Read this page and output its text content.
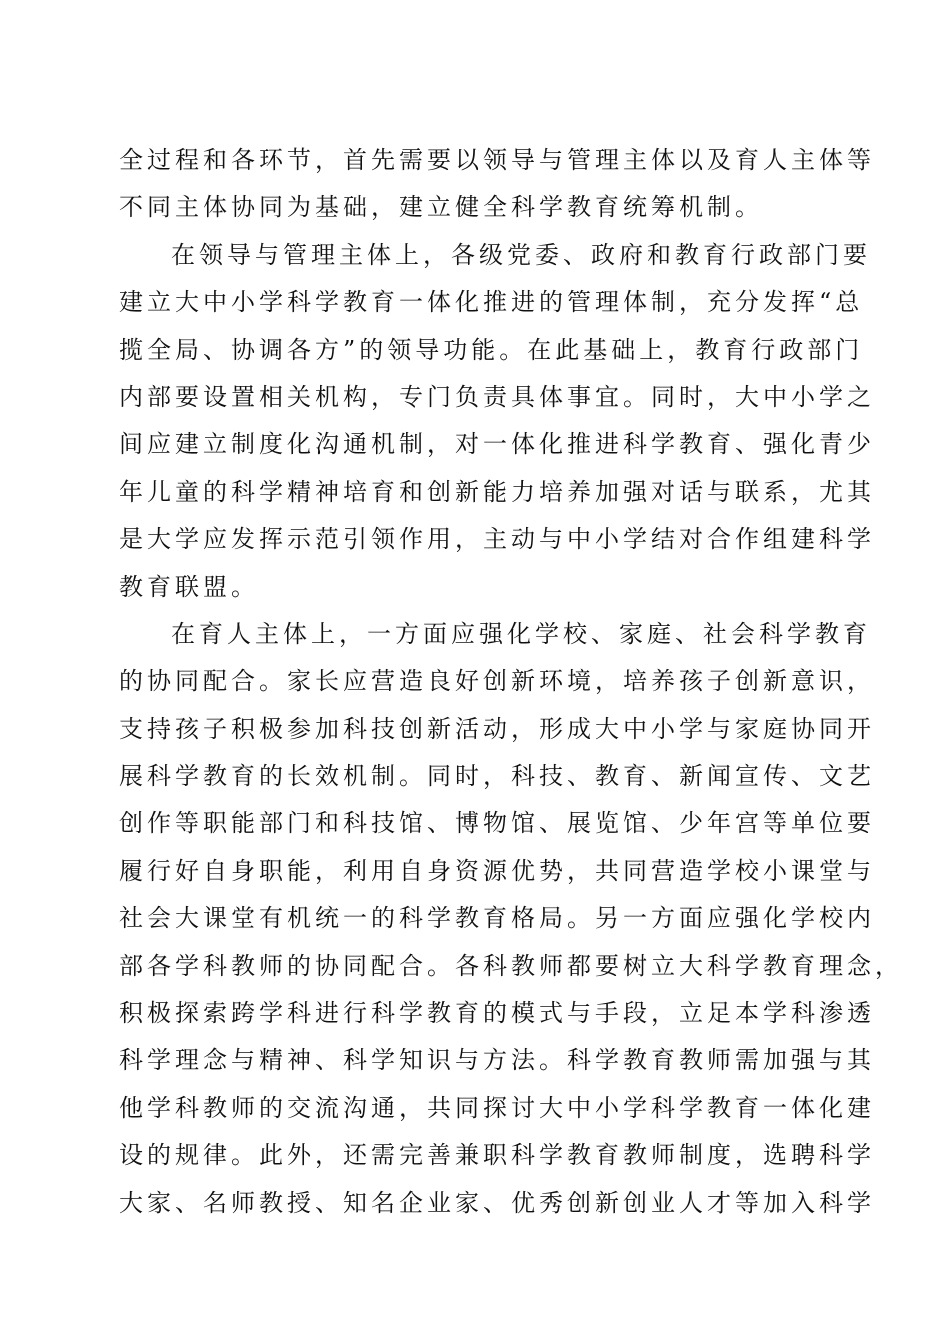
全过程和各环节，首先需要以领导与管理主体以及育人主体等
不同主体协同为基础，建立健全科学教育统筹机制。
在领导与管理主体上，各级党委、政府和教育行政部门要
建立大中小学科学教育一体化推进的管理体制，充分发挥“总
揽全局、协调各方”的领导功能。在此基础上，教育行政部门
内部要设置相关机构，专门负责具体事宜。同时，大中小学之
间应建立制度化沟通机制，对一体化推进科学教育、强化青少
年儿童的科学精神培育和创新能力培养加强对话与联系，尤其
是大学应发挥示范引领作用，主动与中小学结对合作组建科学
教育联盟。
在育人主体上，一方面应强化学校、家庭、社会科学教育
的协同配合。家长应营造良好创新环境，培养孩子创新意识，
支持孩子积极参加科技创新活动，形成大中小学与家庭协同开
展科学教育的长效机制。同时，科技、教育、新闻宣传、文艺
创作等职能部门和科技馆、博物馆、展览馆、少年宫等单位要
履行好自身职能，利用自身资源优势，共同营造学校小课堂与
社会大课堂有机统一的科学教育格局。另一方面应强化学校内
部各学科教师的协同配合。各科教师都要树立大科学教育理念，
积极探索跨学科进行科学教育的模式与手段，立足本学科渗透
科学理念与精神、科学知识与方法。科学教育教师需加强与其
他学科教师的交流沟通，共同探讨大中小学科学教育一体化建
设的规律。此外，还需完善兼职科学教育教师制度，选聘科学
大家、名师教授、知名企业家、优秀创新创业人才等加入科学
